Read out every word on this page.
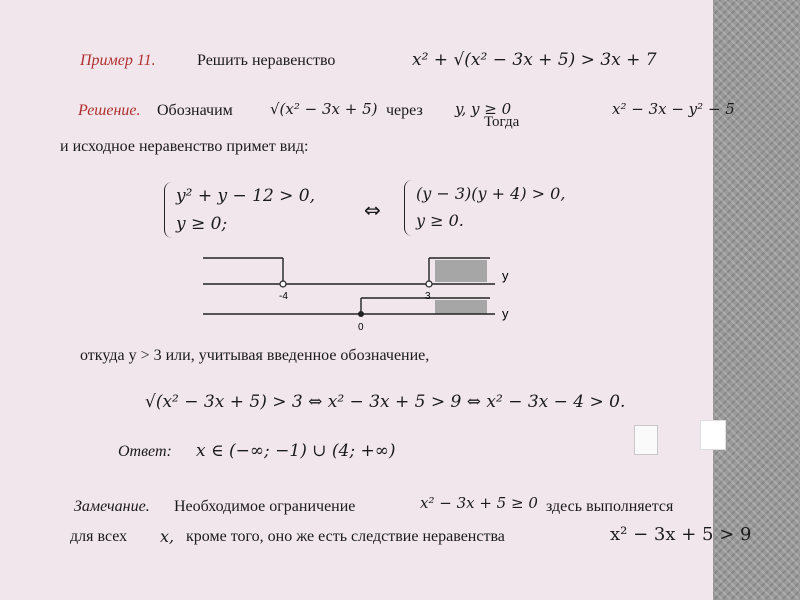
Пример 11.	Решить неравенство	x² + √(x² − 3x + 5) > 3x + 7
Решение. Обозначим √(x² − 3x + 5) через y, y ≥ 0
Тогда
x² − 3x − y² − 5
и исходное неравенство примет вид:
y² + y − 12 > 0,
y ≥ 0;
⇔
(y − 3)(y + 4) > 0,
y ≥ 0.
y
y
-4	3
0
откуда y > 3 или, учитывая введенное обозначение,
√(x² − 3x + 5) > 3 ⇔ x² − 3x + 5 > 9 ⇔ x² − 3x − 4 > 0.
Ответ: x ∈ (−∞; −1) ∪ (4; +∞)
Замечание. Необходимое ограничение	x² − 3x + 5 ≥ 0 здесь выполняется
для всех x, кроме того, оно же есть следствие неравенства	x² − 3x + 5 > 9
